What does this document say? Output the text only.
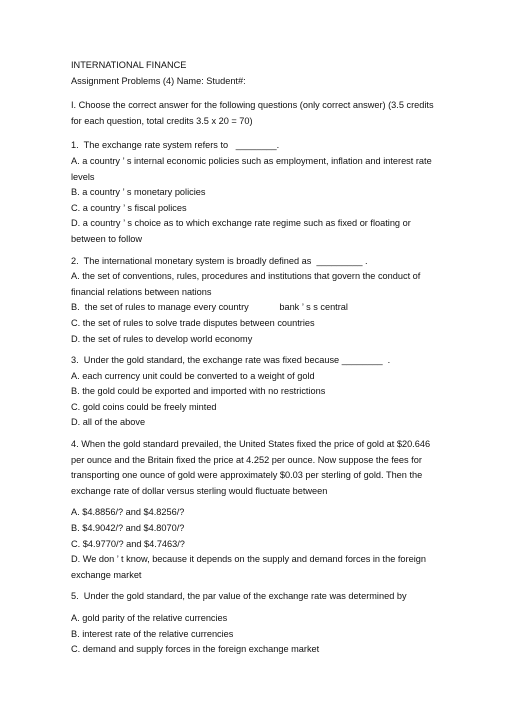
INTERNATIONAL FINANCE
Assignment Problems (4) Name: Student#:
I. Choose the correct answer for the following questions (only correct answer) (3.5 credits for each question, total credits 3.5 x 20 = 70)
1.  The exchange rate system refers to   ________.
A. a country ’ s internal economic policies such as employment, inflation and interest rate levels
B. a country ’ s monetary policies
C. a country ’ s fiscal polices
D. a country ’ s choice as to which exchange rate regime such as fixed or floating or between to follow
2.  The international monetary system is broadly defined as  _________ .
A. the set of conventions, rules, procedures and institutions that govern the conduct of financial relations between nations
B.  the set of rules to manage every country            bank ’ s s central
C. the set of rules to solve trade disputes between countries
D. the set of rules to develop world economy
3.  Under the gold standard, the exchange rate was fixed because ________  .
A. each currency unit could be converted to a weight of gold
B. the gold could be exported and imported with no restrictions
C. gold coins could be freely minted
D. all of the above
4. When the gold standard prevailed, the United States fixed the price of gold at $20.646 per ounce and the Britain fixed the price at 4.252 per ounce. Now suppose the fees for transporting one ounce of gold were approximately $0.03 per sterling of gold. Then the exchange rate of dollar versus sterling would fluctuate between
A. $4.8856/? and $4.8256/?
B. $4.9042/? and $4.8070/?
C. $4.9770/? and $4.7463/?
D. We don ’ t know, because it depends on the supply and demand forces in the foreign exchange market
5.  Under the gold standard, the par value of the exchange rate was determined by
A. gold parity of the relative currencies
B. interest rate of the relative currencies
C. demand and supply forces in the foreign exchange market
